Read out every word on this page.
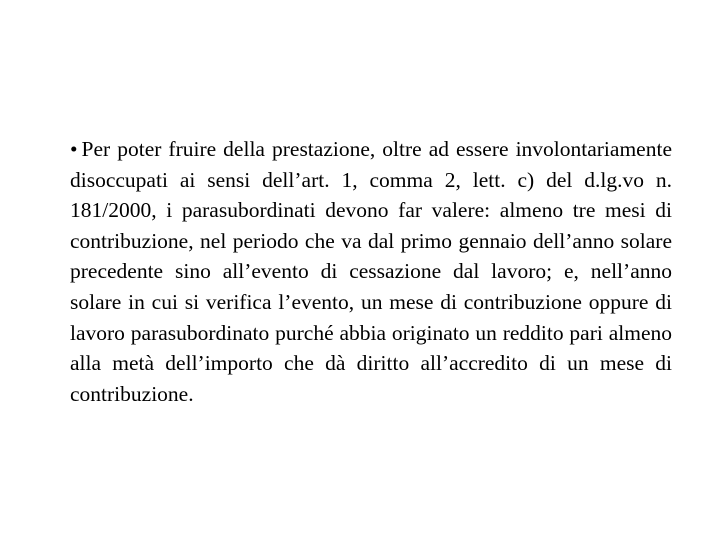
• Per poter fruire della prestazione, oltre ad essere involontariamente disoccupati ai sensi dell’art. 1, comma 2, lett. c) del d.lg.vo n. 181/2000, i parasubordinati devono far valere: almeno tre mesi di contribuzione, nel periodo che va dal primo gennaio dell’anno solare precedente sino all’evento di cessazione dal lavoro; e, nell’anno solare in cui si verifica l’evento, un mese di contribuzione oppure di lavoro parasubordinato purché abbia originato un reddito pari almeno alla metà dell’importo che dà diritto all’accredito di un mese di contribuzione.
